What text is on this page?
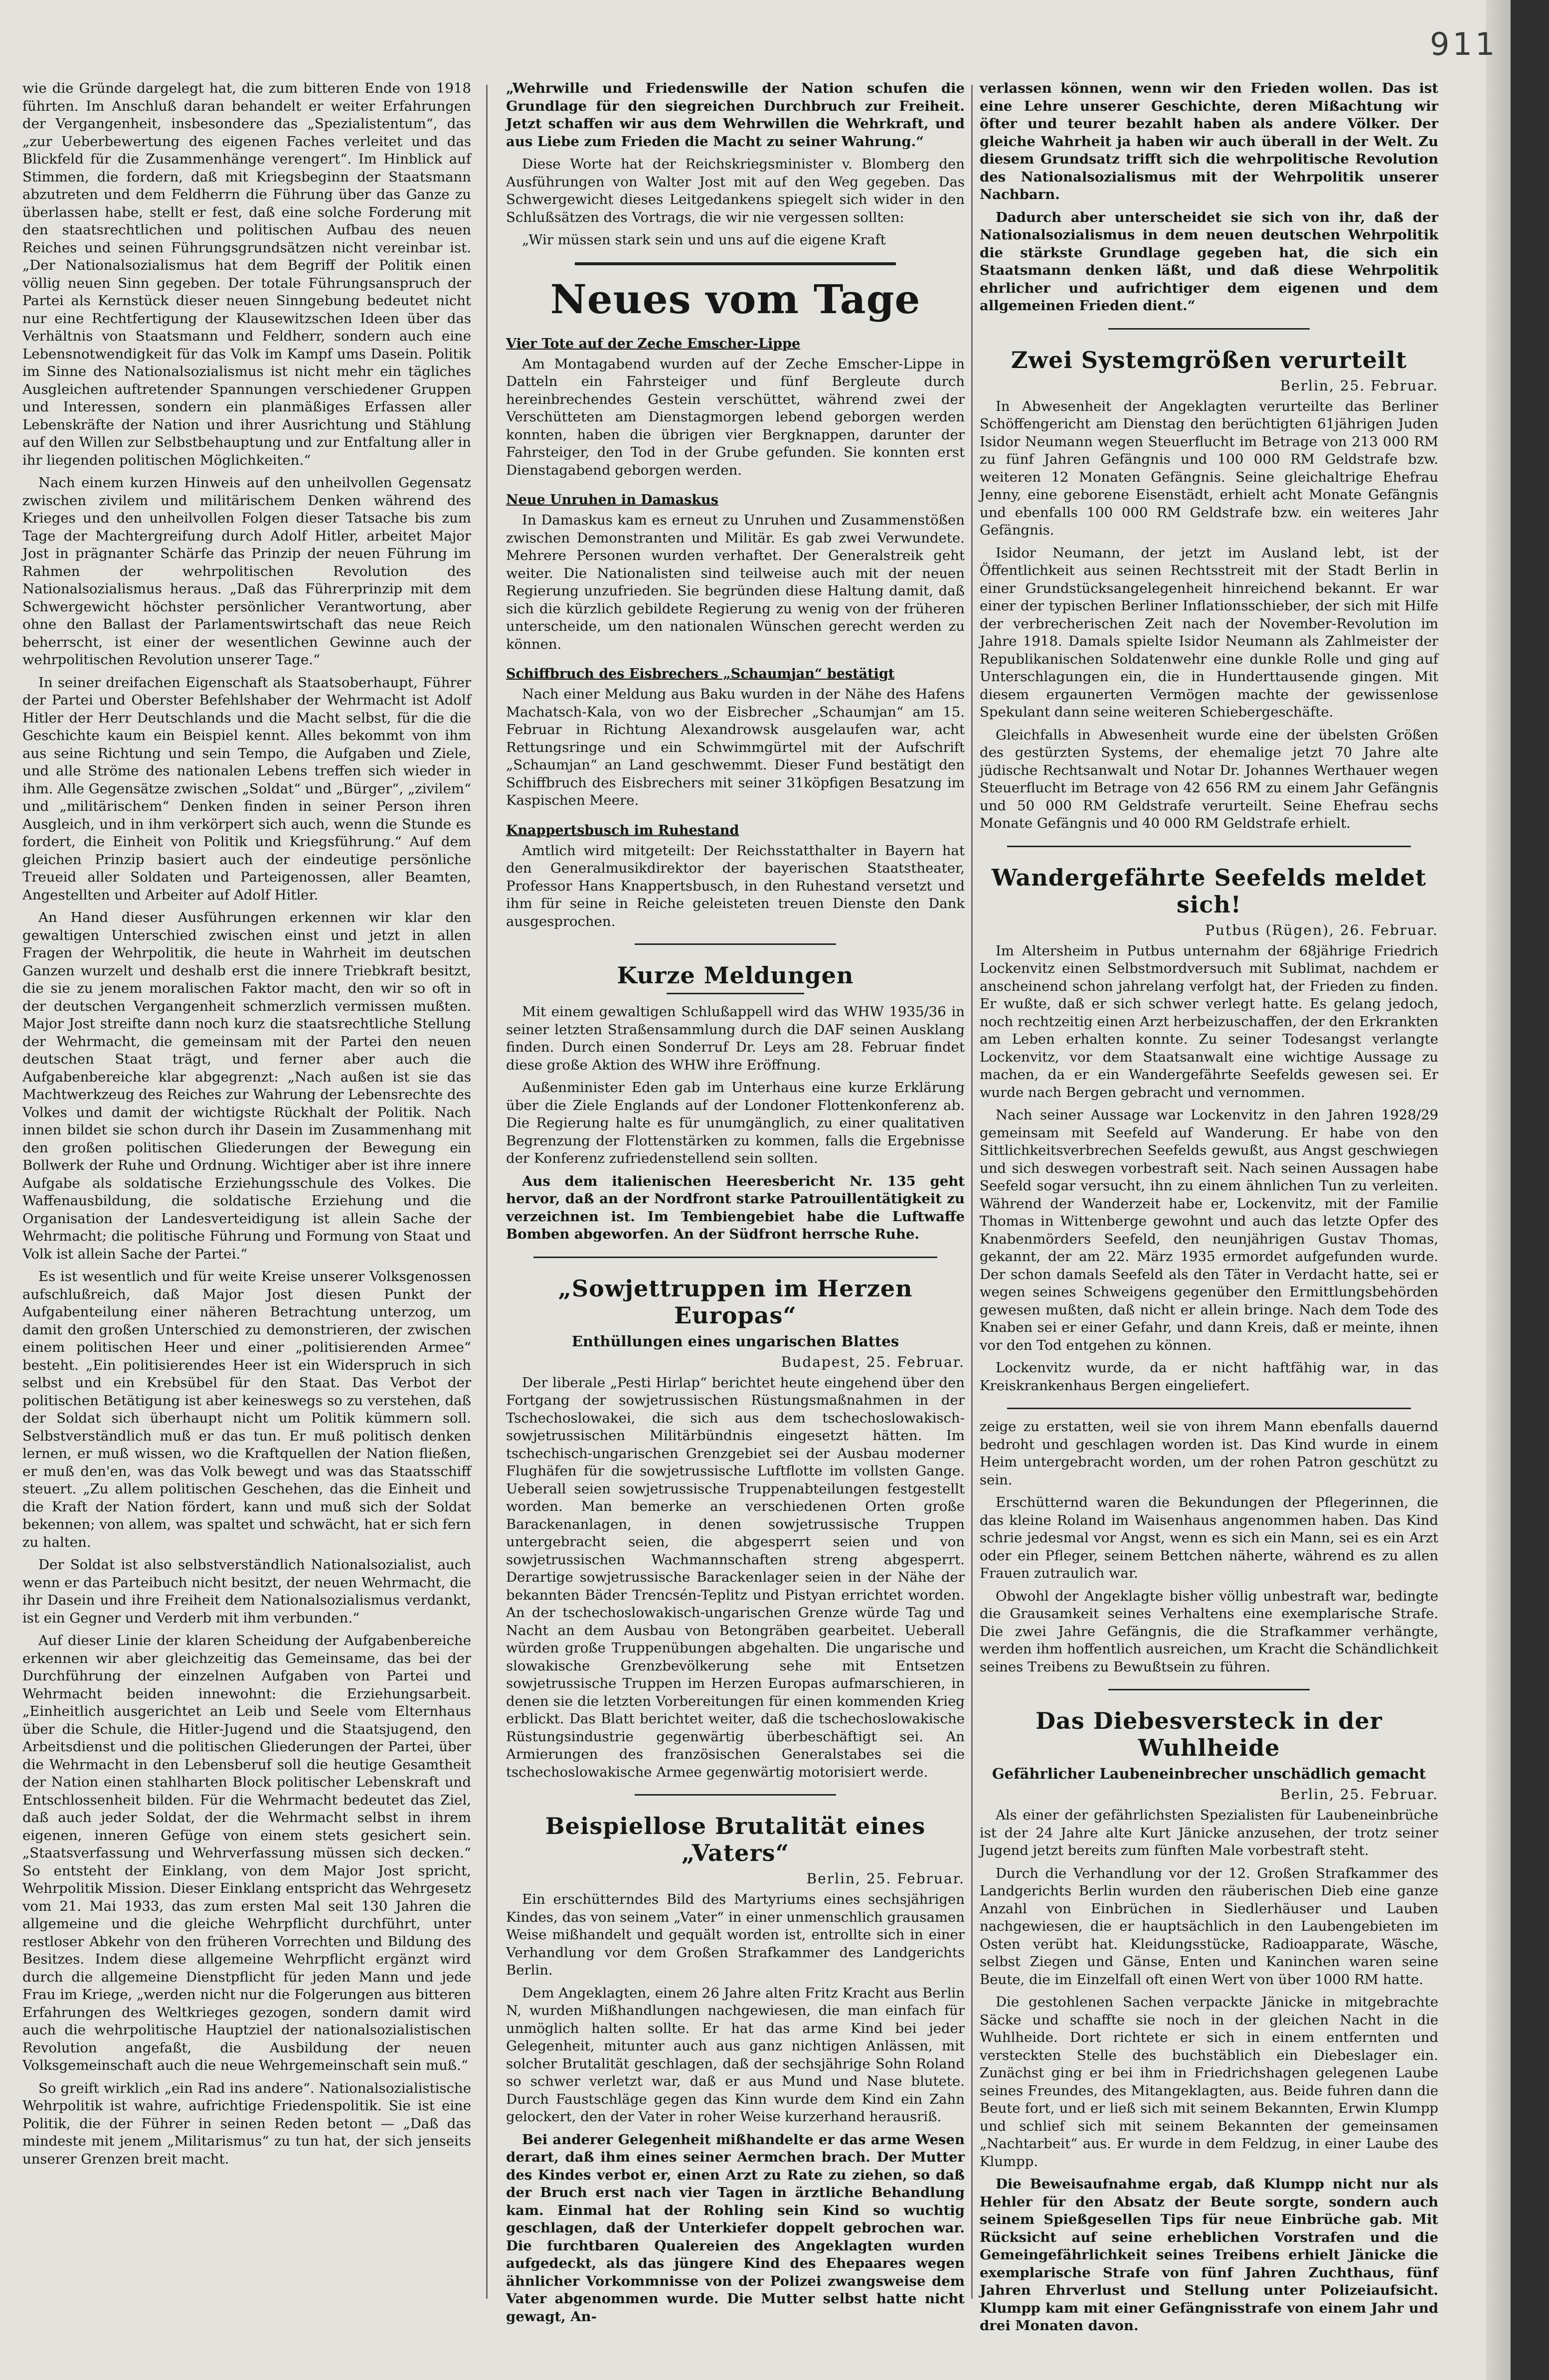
911

wie die Gründe dargelegt hat, die zum bitteren Ende von 1918 führten. Im Anschluß daran behandelt er weiter Erfahrungen der Vergangenheit, insbesondere das „Spezialistentum“, das „zur Ueberbewertung des eigenen Faches verleitet und das Blickfeld für die Zusammenhänge verengert“. Im Hinblick auf Stimmen, die fordern, daß mit Kriegsbeginn der Staatsmann abzutreten und dem Feldherrn die Führung über das Ganze zu überlassen habe, stellt er fest, daß eine solche Forderung mit den staatsrechtlichen und politischen Aufbau des neuen Reiches und seinen Führungsgrundsätzen nicht vereinbar ist. „Der Nationalsozialismus hat dem Begriff der Politik einen völlig neuen Sinn gegeben. Der totale Führungsanspruch der Partei als Kernstück dieser neuen Sinngebung bedeutet nicht nur eine Rechtfertigung der Klausewitzschen Ideen über das Verhältnis von Staatsmann und Feldherr, sondern auch eine Lebensnotwendigkeit für das Volk im Kampf ums Dasein. Politik im Sinne des Nationalsozialismus ist nicht mehr ein tägliches Ausgleichen auftretender Spannungen verschiedener Gruppen und Interessen, sondern ein planmäßiges Erfassen aller Lebenskräfte der Nation und ihrer Ausrichtung und Stählung auf den Willen zur Selbstbehauptung und zur Entfaltung aller in ihr liegenden politischen Möglichkeiten.“

Nach einem kurzen Hinweis auf den unheilvollen Gegensatz zwischen zivilem und militärischem Denken während des Krieges und den unheilvollen Folgen dieser Tatsache bis zum Tage der Machtergreifung durch Adolf Hitler, arbeitet Major Jost in prägnanter Schärfe das Prinzip der neuen Führung im Rahmen der wehrpolitischen Revolution des Nationalsozialismus heraus. „Daß das Führerprinzip mit dem Schwergewicht höchster persönlicher Verantwortung, aber ohne den Ballast der Parlamentswirtschaft das neue Reich beherrscht, ist einer der wesentlichen Gewinne auch der wehrpolitischen Revolution unserer Tage.“

In seiner dreifachen Eigenschaft als Staatsoberhaupt, Führer der Partei und Oberster Befehlshaber der Wehrmacht ist Adolf Hitler der Herr Deutschlands und die Macht selbst, für die die Geschichte kaum ein Beispiel kennt. Alles bekommt von ihm aus seine Richtung und sein Tempo, die Aufgaben und Ziele, und alle Ströme des nationalen Lebens treffen sich wieder in ihm. Alle Gegensätze zwischen „Soldat“ und „Bürger“, „zivilem“ und „militärischem“ Denken finden in seiner Person ihren Ausgleich, und in ihm verkörpert sich auch, wenn die Stunde es fordert, die Einheit von Politik und Kriegsführung.“ Auf dem gleichen Prinzip basiert auch der eindeutige persönliche Treueid aller Soldaten und Parteigenossen, aller Beamten, Angestellten und Arbeiter auf Adolf Hitler.

An Hand dieser Ausführungen erkennen wir klar den gewaltigen Unterschied zwischen einst und jetzt in allen Fragen der Wehrpolitik, die heute in Wahrheit im deutschen Ganzen wurzelt und deshalb erst die innere Triebkraft besitzt, die sie zu jenem moralischen Faktor macht, den wir so oft in der deutschen Vergangenheit schmerzlich vermissen mußten. Major Jost streifte dann noch kurz die staatsrechtliche Stellung der Wehrmacht, die gemeinsam mit der Partei den neuen deutschen Staat trägt, und ferner aber auch die Aufgabenbereiche klar abgegrenzt: „Nach außen ist sie das Machtwerkzeug des Reiches zur Wahrung der Lebensrechte des Volkes und damit der wichtigste Rückhalt der Politik. Nach innen bildet sie schon durch ihr Dasein im Zusammenhang mit den großen politischen Gliederungen der Bewegung ein Bollwerk der Ruhe und Ordnung. Wichtiger aber ist ihre innere Aufgabe als soldatische Erziehungsschule des Volkes. Die Waffenausbildung, die soldatische Erziehung und die Organisation der Landesverteidigung ist allein Sache der Wehrmacht; die politische Führung und Formung von Staat und Volk ist allein Sache der Partei.“

Es ist wesentlich und für weite Kreise unserer Volksgenossen aufschlußreich, daß Major Jost diesen Punkt der Aufgabenteilung einer näheren Betrachtung unterzog, um damit den großen Unterschied zu demonstrieren, der zwischen einem politischen Heer und einer „politisierenden Armee“ besteht. „Ein politisierendes Heer ist ein Widerspruch in sich selbst und ein Krebsübel für den Staat. Das Verbot der politischen Betätigung ist aber keineswegs so zu verstehen, daß der Soldat sich überhaupt nicht um Politik kümmern soll. Selbstverständlich muß er das tun. Er muß politisch denken lernen, er muß wissen, wo die Kraftquellen der Nation fließen, er muß den'en, was das Volk bewegt und was das Staatsschiff steuert. „Zu allem politischen Geschehen, das die Einheit und die Kraft der Nation fördert, kann und muß sich der Soldat bekennen; von allem, was spaltet und schwächt, hat er sich fern zu halten.

Der Soldat ist also selbstverständlich Nationalsozialist, auch wenn er das Parteibuch nicht besitzt, der neuen Wehrmacht, die ihr Dasein und ihre Freiheit dem Nationalsozialismus verdankt, ist ein Gegner und Verderb mit ihm verbunden.“

Auf dieser Linie der klaren Scheidung der Aufgabenbereiche erkennen wir aber gleichzeitig das Gemeinsame, das bei der Durchführung der einzelnen Aufgaben von Partei und Wehrmacht beiden innewohnt: die Erziehungsarbeit. „Einheitlich ausgerichtet an Leib und Seele vom Elternhaus über die Schule, die Hitler-Jugend und die Staatsjugend, den Arbeitsdienst und die politischen Gliederungen der Partei, über die Wehrmacht in den Lebensberuf soll die heutige Gesamtheit der Nation einen stahlharten Block politischer Lebenskraft und Entschlossenheit bilden. Für die Wehrmacht bedeutet das Ziel, daß auch jeder Soldat, der die Wehrmacht selbst in ihrem eigenen, inneren Gefüge von einem stets gesichert sein. „Staatsverfassung und Wehrverfassung müssen sich decken.“ So entsteht der Einklang, von dem Major Jost spricht, Wehrpolitik Mission. Dieser Einklang entspricht das Wehrgesetz vom 21. Mai 1933, das zum ersten Mal seit 130 Jahren die allgemeine und die gleiche Wehrpflicht durchführt, unter restloser Abkehr von den früheren Vorrechten und Bildung des Besitzes. Indem diese allgemeine Wehrpflicht ergänzt wird durch die allgemeine Dienstpflicht für jeden Mann und jede Frau im Kriege, „werden nicht nur die Folgerungen aus bitteren Erfahrungen des Weltkrieges gezogen, sondern damit wird auch die wehrpolitische Hauptziel der nationalsozialistischen Revolution angefaßt, die Ausbildung der neuen Volksgemeinschaft auch die neue Wehrgemeinschaft sein muß.“

So greift wirklich „ein Rad ins andere“. Nationalsozialistische Wehrpolitik ist wahre, aufrichtige Friedenspolitik. Sie ist eine Politik, die der Führer in seinen Reden betont — „Daß das mindeste mit jenem „Militarismus“ zu tun hat, der sich jenseits unserer Grenzen breit macht.

„Wehrwille und Friedenswille der Nation schufen die Grundlage für den siegreichen Durchbruch zur Freiheit. Jetzt schaffen wir aus dem Wehrwillen die Wehrkraft, und aus Liebe zum Frieden die Macht zu seiner Wahrung.“

Diese Worte hat der Reichskriegsminister v. Blomberg den Ausführungen von Walter Jost mit auf den Weg gegeben. Das Schwergewicht dieses Leitgedankens spiegelt sich wider in den Schlußsätzen des Vortrags, die wir nie vergessen sollten:

„Wir müssen stark sein und uns auf die eigene Kraft

Neues vom Tage
Vier Tote auf der Zeche Emscher-Lippe

Am Montagabend wurden auf der Zeche Emscher-Lippe in Datteln ein Fahrsteiger und fünf Bergleute durch hereinbrechendes Gestein verschüttet, während zwei der Verschütteten am Dienstagmorgen lebend geborgen werden konnten, haben die übrigen vier Bergknappen, darunter der Fahrsteiger, den Tod in der Grube gefunden. Sie konnten erst Dienstagabend geborgen werden.

Neue Unruhen in Damaskus

In Damaskus kam es erneut zu Unruhen und Zusammenstößen zwischen Demonstranten und Militär. Es gab zwei Verwundete. Mehrere Personen wurden verhaftet. Der Generalstreik geht weiter. Die Nationalisten sind teilweise auch mit der neuen Regierung unzufrieden. Sie begründen diese Haltung damit, daß sich die kürzlich gebildete Regierung zu wenig von der früheren unterscheide, um den nationalen Wünschen gerecht werden zu können.

Schiffbruch des Eisbrechers „Schaumjan“ bestätigt

Nach einer Meldung aus Baku wurden in der Nähe des Hafens Machatsch-Kala, von wo der Eisbrecher „Schaumjan“ am 15. Februar in Richtung Alexandrowsk ausgelaufen war, acht Rettungsringe und ein Schwimmgürtel mit der Aufschrift „Schaumjan“ an Land geschwemmt. Dieser Fund bestätigt den Schiffbruch des Eisbrechers mit seiner 31köpfigen Besatzung im Kaspischen Meere.

Knappertsbusch im Ruhestand

Amtlich wird mitgeteilt: Der Reichsstatthalter in Bayern hat den Generalmusikdirektor der bayerischen Staatstheater, Professor Hans Knappertsbusch, in den Ruhestand versetzt und ihm für seine in Reiche geleisteten treuen Dienste den Dank ausgesprochen.

Kurze Meldungen

Mit einem gewaltigen Schlußappell wird das WHW 1935/36 in seiner letzten Straßensammlung durch die DAF seinen Ausklang finden. Durch einen Sonderruf Dr. Leys am 28. Februar findet diese große Aktion des WHW ihre Eröffnung.

Außenminister Eden gab im Unterhaus eine kurze Erklärung über die Ziele Englands auf der Londoner Flottenkonferenz ab. Die Regierung halte es für unumgänglich, zu einer qualitativen Begrenzung der Flottenstärken zu kommen, falls die Ergebnisse der Konferenz zufriedenstellend sein sollten.

Aus dem italienischen Heeresbericht Nr. 135 geht hervor, daß an der Nordfront starke Patrouillentätigkeit zu verzeichnen ist. Im Tembiengebiet habe die Luftwaffe Bomben abgeworfen. An der Südfront herrsche Ruhe.

„Sowjettruppen im Herzen Europas“
Enthüllungen eines ungarischen Blattes
Budapest, 25. Februar.

Der liberale „Pesti Hirlap“ berichtet heute eingehend über den Fortgang der sowjetrussischen Rüstungsmaßnahmen in der Tschechoslowakei, die sich aus dem tschechoslowakisch-sowjetrussischen Militärbündnis eingesetzt hätten. Im tschechisch-ungarischen Grenzgebiet sei der Ausbau moderner Flughäfen für die sowjetrussische Luftflotte im vollsten Gange. Ueberall seien sowjetrussische Truppenabteilungen festgestellt worden. Man bemerke an verschiedenen Orten große Barackenanlagen, in denen sowjetrussische Truppen untergebracht seien, die abgesperrt seien und von sowjetrussischen Wachmannschaften streng abgesperrt. Derartige sowjetrussische Barackenlager seien in der Nähe der bekannten Bäder Trencsén-Teplitz und Pistyan errichtet worden. An der tschechoslowakisch-ungarischen Grenze würde Tag und Nacht an dem Ausbau von Betongräben gearbeitet. Ueberall würden große Truppenübungen abgehalten. Die ungarische und slowakische Grenzbevölkerung sehe mit Entsetzen sowjetrussische Truppen im Herzen Europas aufmarschieren, in denen sie die letzten Vorbereitungen für einen kommenden Krieg erblickt. Das Blatt berichtet weiter, daß die tschechoslowakische Rüstungsindustrie gegenwärtig überbeschäftigt sei. An Armierungen des französischen Generalstabes sei die tschechoslowakische Armee gegenwärtig motorisiert werde.

Beispiellose Brutalität eines „Vaters“
Berlin, 25. Februar.

Ein erschütterndes Bild des Martyriums eines sechsjährigen Kindes, das von seinem „Vater“ in einer unmenschlich grausamen Weise mißhandelt und gequält worden ist, entrollte sich in einer Verhandlung vor dem Großen Strafkammer des Landgerichts Berlin.

Dem Angeklagten, einem 26 Jahre alten Fritz Kracht aus Berlin N, wurden Mißhandlungen nachgewiesen, die man einfach für unmöglich halten sollte. Er hat das arme Kind bei jeder Gelegenheit, mitunter auch aus ganz nichtigen Anlässen, mit solcher Brutalität geschlagen, daß der sechsjährige Sohn Roland so schwer verletzt war, daß er aus Mund und Nase blutete. Durch Faustschläge gegen das Kinn wurde dem Kind ein Zahn gelockert, den der Vater in roher Weise kurzerhand herausriß.

Bei anderer Gelegenheit mißhandelte er das arme Wesen derart, daß ihm eines seiner Aermchen brach. Der Mutter des Kindes verbot er, einen Arzt zu Rate zu ziehen, so daß der Bruch erst nach vier Tagen in ärztliche Behandlung kam. Einmal hat der Rohling sein Kind so wuchtig geschlagen, daß der Unterkiefer doppelt gebrochen war. Die furchtbaren Qualereien des Angeklagten wurden aufgedeckt, als das jüngere Kind des Ehepaares wegen ähnlicher Vorkommnisse von der Polizei zwangsweise dem Vater abgenommen wurde. Die Mutter selbst hatte nicht gewagt, An-

verlassen können, wenn wir den Frieden wollen. Das ist eine Lehre unserer Geschichte, deren Mißachtung wir öfter und teurer bezahlt haben als andere Völker. Der gleiche Wahrheit ja haben wir auch überall in der Welt. Zu diesem Grundsatz trifft sich die wehrpolitische Revolution des Nationalsozialismus mit der Wehrpolitik unserer Nachbarn.

Dadurch aber unterscheidet sie sich von ihr, daß der Nationalsozialismus in dem neuen deutschen Wehrpolitik die stärkste Grundlage gegeben hat, die sich ein Staatsmann denken läßt, und daß diese Wehrpolitik ehrlicher und aufrichtiger dem eigenen und dem allgemeinen Frieden dient.“

Zwei Systemgrößen verurteilt
Berlin, 25. Februar.

In Abwesenheit der Angeklagten verurteilte das Berliner Schöffengericht am Dienstag den berüchtigten 61jährigen Juden Isidor Neumann wegen Steuerflucht im Betrage von 213 000 RM zu fünf Jahren Gefängnis und 100 000 RM Geldstrafe bzw. weiteren 12 Monaten Gefängnis. Seine gleichaltrige Ehefrau Jenny, eine geborene Eisenstädt, erhielt acht Monate Gefängnis und ebenfalls 100 000 RM Geldstrafe bzw. ein weiteres Jahr Gefängnis.

Isidor Neumann, der jetzt im Ausland lebt, ist der Öffentlichkeit aus seinen Rechtsstreit mit der Stadt Berlin in einer Grundstücksangelegenheit hinreichend bekannt. Er war einer der typischen Berliner Inflationsschieber, der sich mit Hilfe der verbrecherischen Zeit nach der November-Revolution im Jahre 1918. Damals spielte Isidor Neumann als Zahlmeister der Republikanischen Soldatenwehr eine dunkle Rolle und ging auf Unterschlagungen ein, die in Hunderttausende gingen. Mit diesem ergaunerten Vermögen machte der gewissenlose Spekulant dann seine weiteren Schiebergeschäfte.

Gleichfalls in Abwesenheit wurde eine der übelsten Größen des gestürzten Systems, der ehemalige jetzt 70 Jahre alte jüdische Rechtsanwalt und Notar Dr. Johannes Werthauer wegen Steuerflucht im Betrage von 42 656 RM zu einem Jahr Gefängnis und 50 000 RM Geldstrafe verurteilt. Seine Ehefrau sechs Monate Gefängnis und 40 000 RM Geldstrafe erhielt.

Wandergefährte Seefelds meldet sich!
Putbus (Rügen), 26. Februar.

Im Altersheim in Putbus unternahm der 68jährige Friedrich Lockenvitz einen Selbstmordversuch mit Sublimat, nachdem er anscheinend schon jahrelang verfolgt hat, der Frieden zu finden. Er wußte, daß er sich schwer verlegt hatte. Es gelang jedoch, noch rechtzeitig einen Arzt herbeizuschaffen, der den Erkrankten am Leben erhalten konnte. Zu seiner Todesangst verlangte Lockenvitz, vor dem Staatsanwalt eine wichtige Aussage zu machen, da er ein Wandergefährte Seefelds gewesen sei. Er wurde nach Bergen gebracht und vernommen.

Nach seiner Aussage war Lockenvitz in den Jahren 1928/29 gemeinsam mit Seefeld auf Wanderung. Er habe von den Sittlichkeitsverbrechen Seefelds gewußt, aus Angst geschwiegen und sich deswegen vorbestraft seit. Nach seinen Aussagen habe Seefeld sogar versucht, ihn zu einem ähnlichen Tun zu verleiten. Während der Wanderzeit habe er, Lockenvitz, mit der Familie Thomas in Wittenberge gewohnt und auch das letzte Opfer des Knabenmörders Seefeld, den neunjährigen Gustav Thomas, gekannt, der am 22. März 1935 ermordet aufgefunden wurde. Der schon damals Seefeld als den Täter in Verdacht hatte, sei er wegen seines Schweigens gegenüber den Ermittlungsbehörden gewesen mußten, daß nicht er allein bringe. Nach dem Tode des Knaben sei er einer Gefahr, und dann Kreis, daß er meinte, ihnen vor den Tod entgehen zu können.

Lockenvitz wurde, da er nicht haftfähig war, in das Kreiskrankenhaus Bergen eingeliefert.

zeige zu erstatten, weil sie von ihrem Mann ebenfalls dauernd bedroht und geschlagen worden ist. Das Kind wurde in einem Heim untergebracht worden, um der rohen Patron geschützt zu sein.

Erschütternd waren die Bekundungen der Pflegerinnen, die das kleine Roland im Waisenhaus angenommen haben. Das Kind schrie jedesmal vor Angst, wenn es sich ein Mann, sei es ein Arzt oder ein Pfleger, seinem Bettchen näherte, während es zu allen Frauen zutraulich war.

Obwohl der Angeklagte bisher völlig unbestraft war, bedingte die Grausamkeit seines Verhaltens eine exemplarische Strafe. Die zwei Jahre Gefängnis, die die Strafkammer verhängte, werden ihm hoffentlich ausreichen, um Kracht die Schändlichkeit seines Treibens zu Bewußtsein zu führen.

Das Diebesversteck in der Wuhlheide
Gefährlicher Laubeneinbrecher unschädlich gemacht
Berlin, 25. Februar.

Als einer der gefährlichsten Spezialisten für Laubeneinbrüche ist der 24 Jahre alte Kurt Jänicke anzusehen, der trotz seiner Jugend jetzt bereits zum fünften Male vorbestraft steht.

Durch die Verhandlung vor der 12. Großen Strafkammer des Landgerichts Berlin wurden den räuberischen Dieb eine ganze Anzahl von Einbrüchen in Siedlerhäuser und Lauben nachgewiesen, die er hauptsächlich in den Laubengebieten im Osten verübt hat. Kleidungsstücke, Radioapparate, Wäsche, selbst Ziegen und Gänse, Enten und Kaninchen waren seine Beute, die im Einzelfall oft einen Wert von über 1000 RM hatte.

Die gestohlenen Sachen verpackte Jänicke in mitgebrachte Säcke und schaffte sie noch in der gleichen Nacht in die Wuhlheide. Dort richtete er sich in einem entfernten und versteckten Stelle des buchstäblich ein Diebeslager ein. Zunächst ging er bei ihm in Friedrichshagen gelegenen Laube seines Freundes, des Mitangeklagten, aus. Beide fuhren dann die Beute fort, und er ließ sich mit seinem Bekannten, Erwin Klumpp und schlief sich mit seinem Bekannten der gemeinsamen „Nachtarbeit“ aus. Er wurde in dem Feldzug, in einer Laube des Klumpp.

Die Beweisaufnahme ergab, daß Klumpp nicht nur als Hehler für den Absatz der Beute sorgte, sondern auch seinem Spießgesellen Tips für neue Einbrüche gab. Mit Rücksicht auf seine erheblichen Vorstrafen und die Gemeingefährlichkeit seines Treibens erhielt Jänicke die exemplarische Strafe von fünf Jahren Zuchthaus, fünf Jahren Ehrverlust und Stellung unter Polizeiaufsicht. Klumpp kam mit einer Gefängnisstrafe von einem Jahr und drei Monaten davon.
